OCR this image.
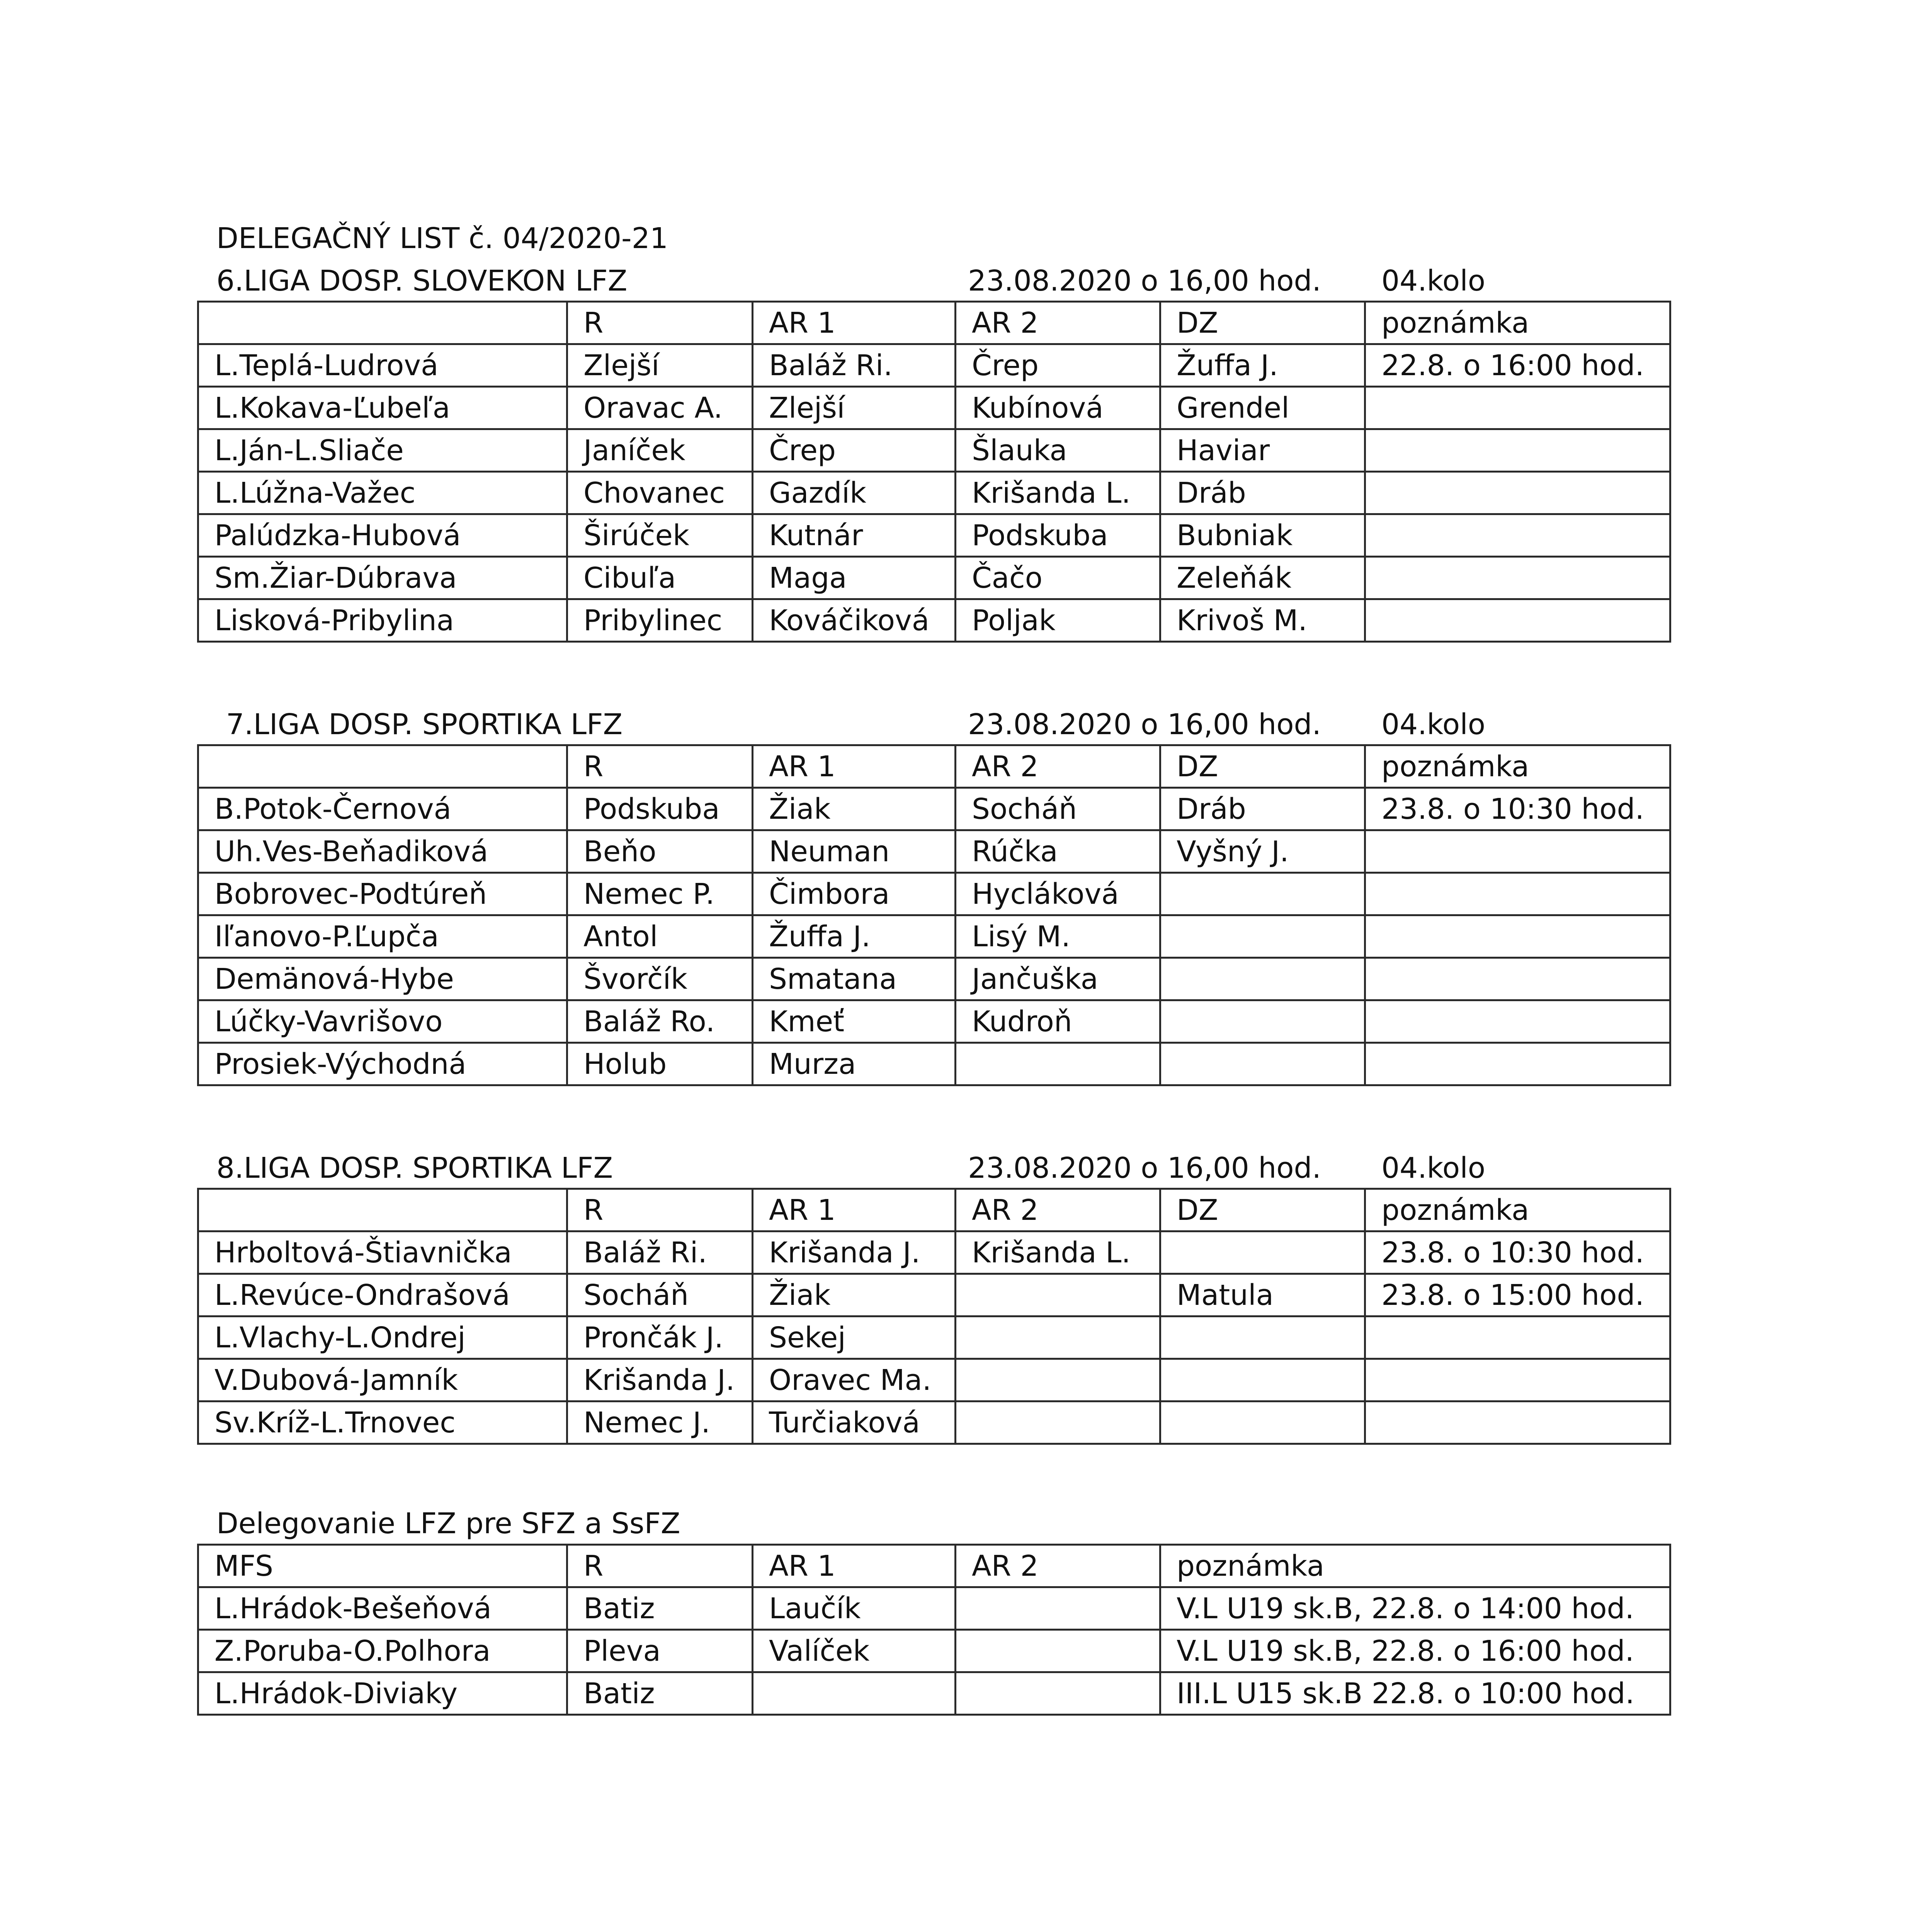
DELEGAČNÝ LIST č. 04/2020-21
6.LIGA DOSP. SLOVEKON LFZ	23.08.2020 o 16,00 hod. 04.kolo
	R	AR 1	AR 2	DZ	poznámka
L.Teplá-Ludrová	Zlejší	Baláž Ri.	Črep	Žuffa J.	22.8. o 16:00 hod.
L.Kokava-Ľubeľa	Oravac A.	Zlejší	Kubínová	Grendel	
L.Ján-L.Sliače	Janíček	Črep	Šlauka	Haviar	
L.Lúžna-Važec	Chovanec	Gazdík	Krišanda L.	Dráb	
Palúdzka-Hubová	Širúček	Kutnár	Podskuba	Bubniak	
Sm.Žiar-Dúbrava	Cibuľa	Maga	Čačo	Zeleňák	
Lisková-Pribylina	Pribylinec	Kováčiková	Poljak	Krivoš M.	
7.LIGA DOSP. SPORTIKA LFZ	23.08.2020 o 16,00 hod. 04.kolo
	R	AR 1	AR 2	DZ	poznámka
B.Potok-Černová	Podskuba	Žiak	Socháň	Dráb	23.8. o 10:30 hod.
Uh.Ves-Beňadiková	Beňo	Neuman	Rúčka	Vyšný J.	
Bobrovec-Podtúreň	Nemec P.	Čimbora	Hycláková		
Iľanovo-P.Ľupča	Antol	Žuffa J.	Lisý M.		
Demänová-Hybe	Švorčík	Smatana	Jančuška		
Lúčky-Vavrišovo	Baláž Ro.	Kmeť	Kudroň		
Prosiek-Východná	Holub	Murza			
8.LIGA DOSP. SPORTIKA LFZ	23.08.2020 o 16,00 hod. 04.kolo
	R	AR 1	AR 2	DZ	poznámka
Hrboltová-Štiavnička	Baláž Ri.	Krišanda J.	Krišanda L.		23.8. o 10:30 hod.
L.Revúce-Ondrašová	Socháň	Žiak		Matula	23.8. o 15:00 hod.
L.Vlachy-L.Ondrej	Prončák J.	Sekej			
V.Dubová-Jamník	Krišanda J.	Oravec Ma.			
Sv.Kríž-L.Trnovec	Nemec J.	Turčiaková			
Delegovanie LFZ pre SFZ a SsFZ
MFS	R	AR 1	AR 2	poznámka
L.Hrádok-Bešeňová	Batiz	Laučík		V.L U19 sk.B, 22.8. o 14:00 hod.
Z.Poruba-O.Polhora	Pleva	Valíček		V.L U19 sk.B, 22.8. o 16:00 hod.
L.Hrádok-Diviaky	Batiz			III.L U15 sk.B 22.8. o 10:00 hod.
